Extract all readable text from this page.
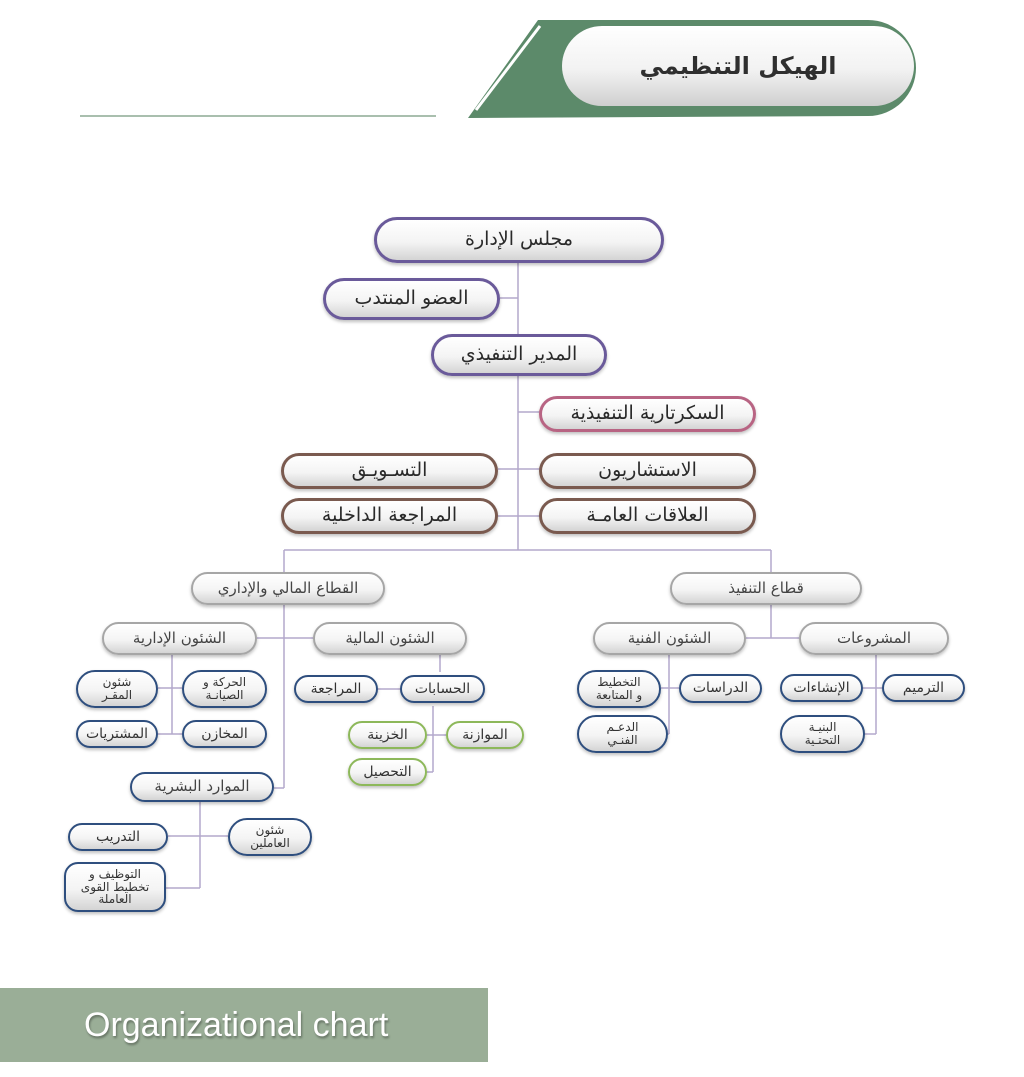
الهيكل التنظيمي
مجلس الإدارة
العضو المنتدب
المدير التنفيذي
السكرتارية التنفيذية
الاستشاريون
التسـويـق
العلاقات العامـة
المراجعة الداخلية
القطاع المالي والإداري	قطاع التنفيذ
الشئون الإدارية	الشئون المالية	الشئون الفنية	المشروعات
شئون
المقـر
الحركة و
الصيانـة
المشتريات	المخازن
المراجعة	الحسابات
الخزينة	الموازنة
التحصيل
التخطيط
و المتابعة	الدراسات
الدعـم
الفنـي
الإنشاءات	الترميم
البنيـة
التحتـية
الموارد البشرية
التدريب	شئون
العاملين
التوظيف و
تخطيط القوى
العاملة
Organizational chart
